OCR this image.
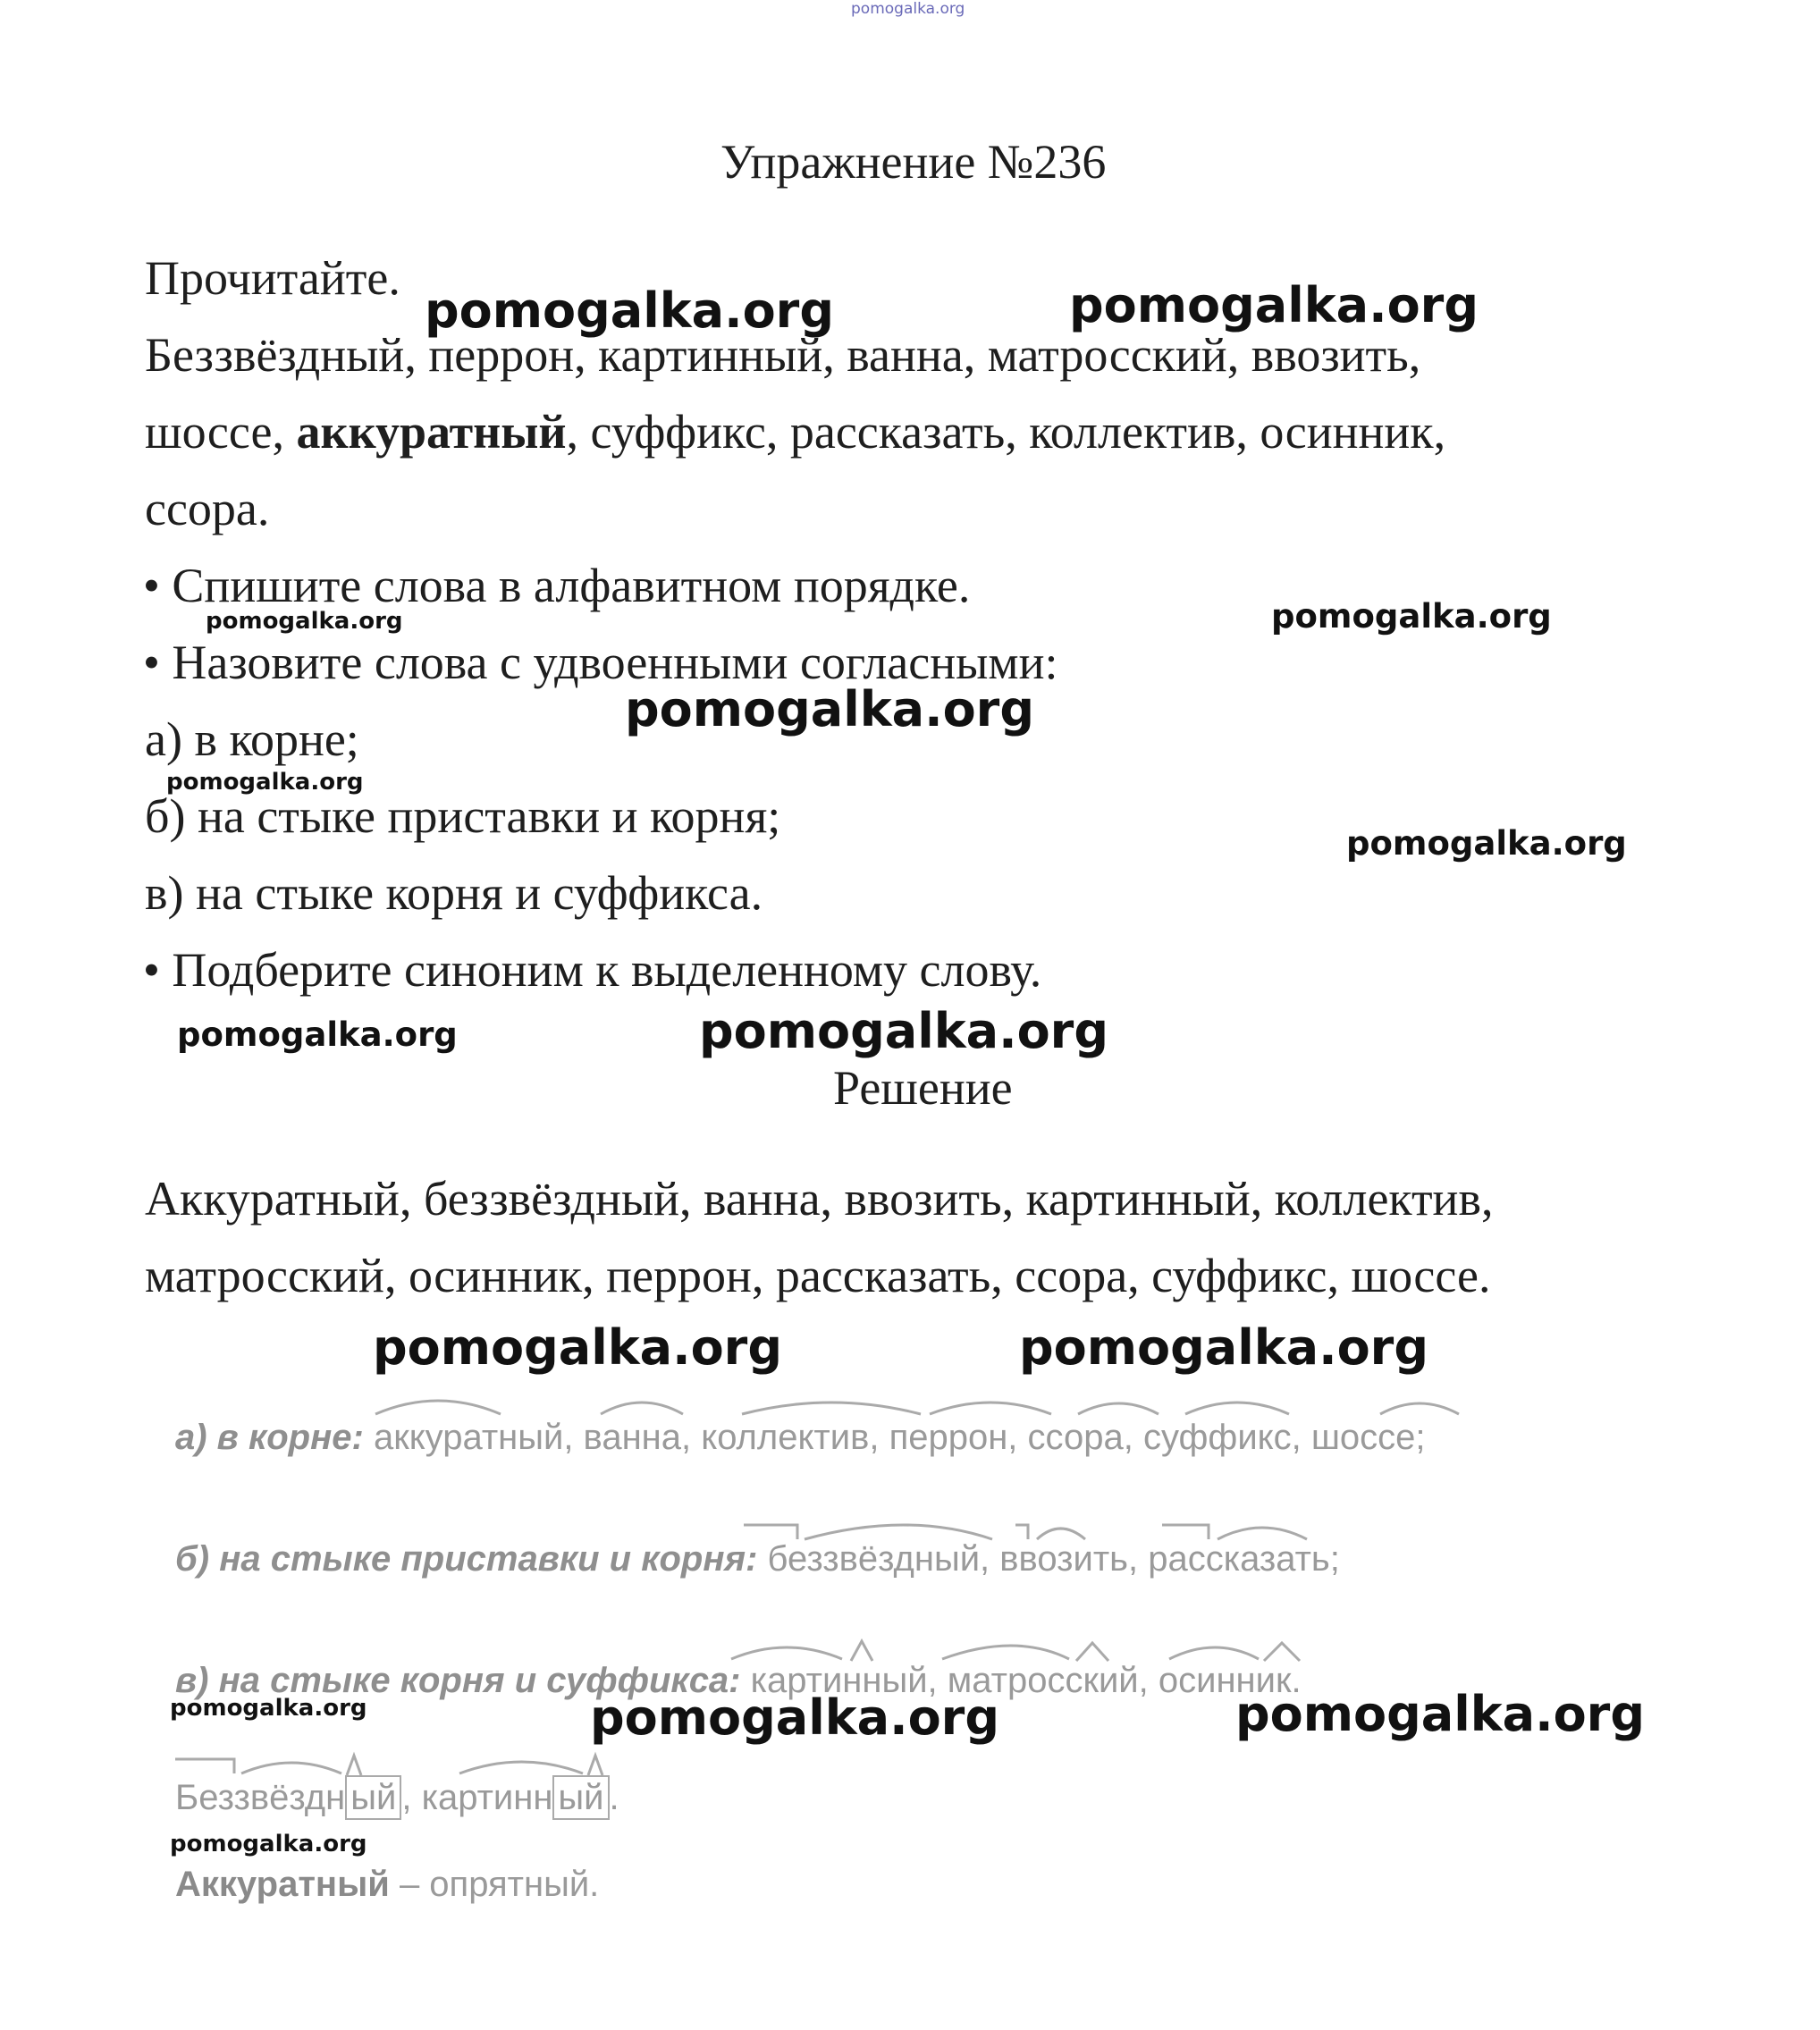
pomogalka.org
pomogalka.org	pomogalka.org
pomogalka.org
pomogalka.org
pomogalka.org
pomogalka.org
pomogalka.org
pomogalka.org	pomogalka.org
pomogalka.org	pomogalka.org
pomogalka.org	pomogalka.org	pomogalka.org
pomogalka.org
Упражнение №236
Прочитайте.
Беззвёздный, перрон, картинный, ванна, матросский, ввозить,
шоссе, аккуратный, суффикс, рассказать, коллектив, осинник,
ссора.
• Спишите слова в алфавитном порядке.
• Назовите слова с удвоенными согласными:
а) в корне;
б) на стыке приставки и корня;
в) на стыке корня и суффикса.
• Подберите синоним к выделенному слову.
Решение
Аккуратный, беззвёздный, ванна, ввозить, картинный, коллектив,
матросский, осинник, перрон, рассказать, ссора, суффикс, шоссе.
а) в корне: аккуратный, ванна, коллектив, перрон, ссора, суффикс, шоссе;
б) на стыке приставки и корня: беззвёздный, ввозить, рассказать;
в) на стыке корня и суффикса: картинный, матросский, осинник.
Беззвёздн ый , картинн ый .
Аккуратный – опрятный.
